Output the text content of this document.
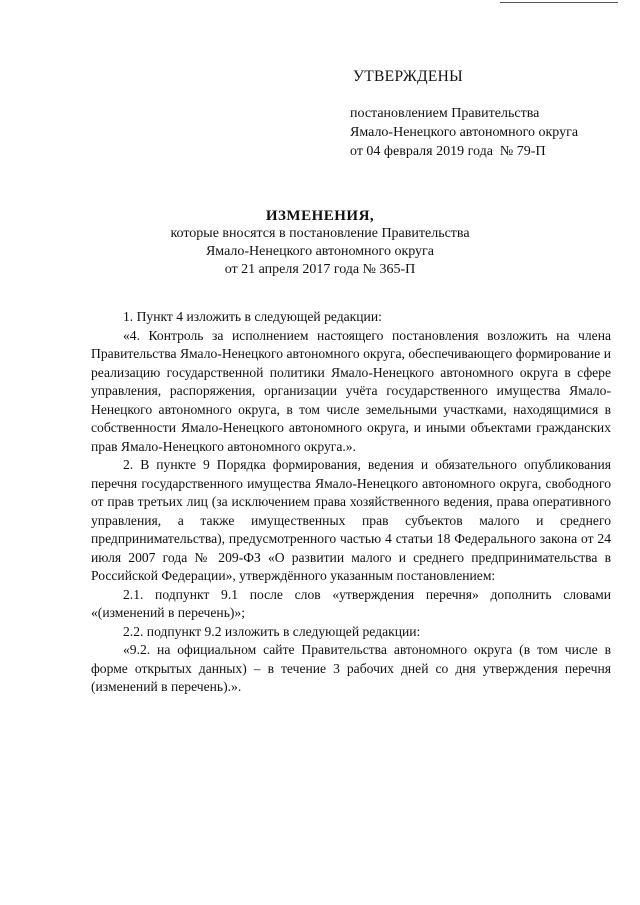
УТВЕРЖДЕНЫ
постановлением Правительства
Ямало-Ненецкого автономного округа
от 04 февраля 2019 года  № 79-П
ИЗМЕНЕНИЯ,
которые вносятся в постановление Правительства
Ямало-Ненецкого автономного округа
от 21 апреля 2017 года № 365-П

1. Пункт 4 изложить в следующей редакции:

«4. Контроль за исполнением настоящего постановления возложить на члена Правительства Ямало-Ненецкого автономного округа, обеспечивающего формирование и реализацию государственной политики Ямало-Ненецкого автономного округа в сфере управления, распоряжения, организации учёта государственного имущества Ямало-Ненецкого автономного округа, в том числе земельными участками, находящимися в собственности Ямало-Ненецкого автономного округа, и иными объектами гражданских прав Ямало-Ненецкого автономного округа.».

2. В пункте 9 Порядка формирования, ведения и обязательного опубликования перечня государственного имущества Ямало-Ненецкого автономного округа, свободного от прав третьих лиц (за исключением права хозяйственного ведения, права оперативного управления, а также имущественных прав субъектов малого и среднего предпринимательства), предусмотренного частью 4 статьи 18 Федерального закона от 24 июля 2007 года № 209-ФЗ «О развитии малого и среднего предпринимательства в Российской Федерации», утверждённого указанным постановлением:

2.1. подпункт 9.1 после слов «утверждения перечня» дополнить словами «(изменений в перечень)»;

2.2. подпункт 9.2 изложить в следующей редакции:

«9.2. на официальном сайте Правительства автономного округа (в том числе в форме открытых данных) – в течение 3 рабочих дней со дня утверждения перечня (изменений в перечень).».
